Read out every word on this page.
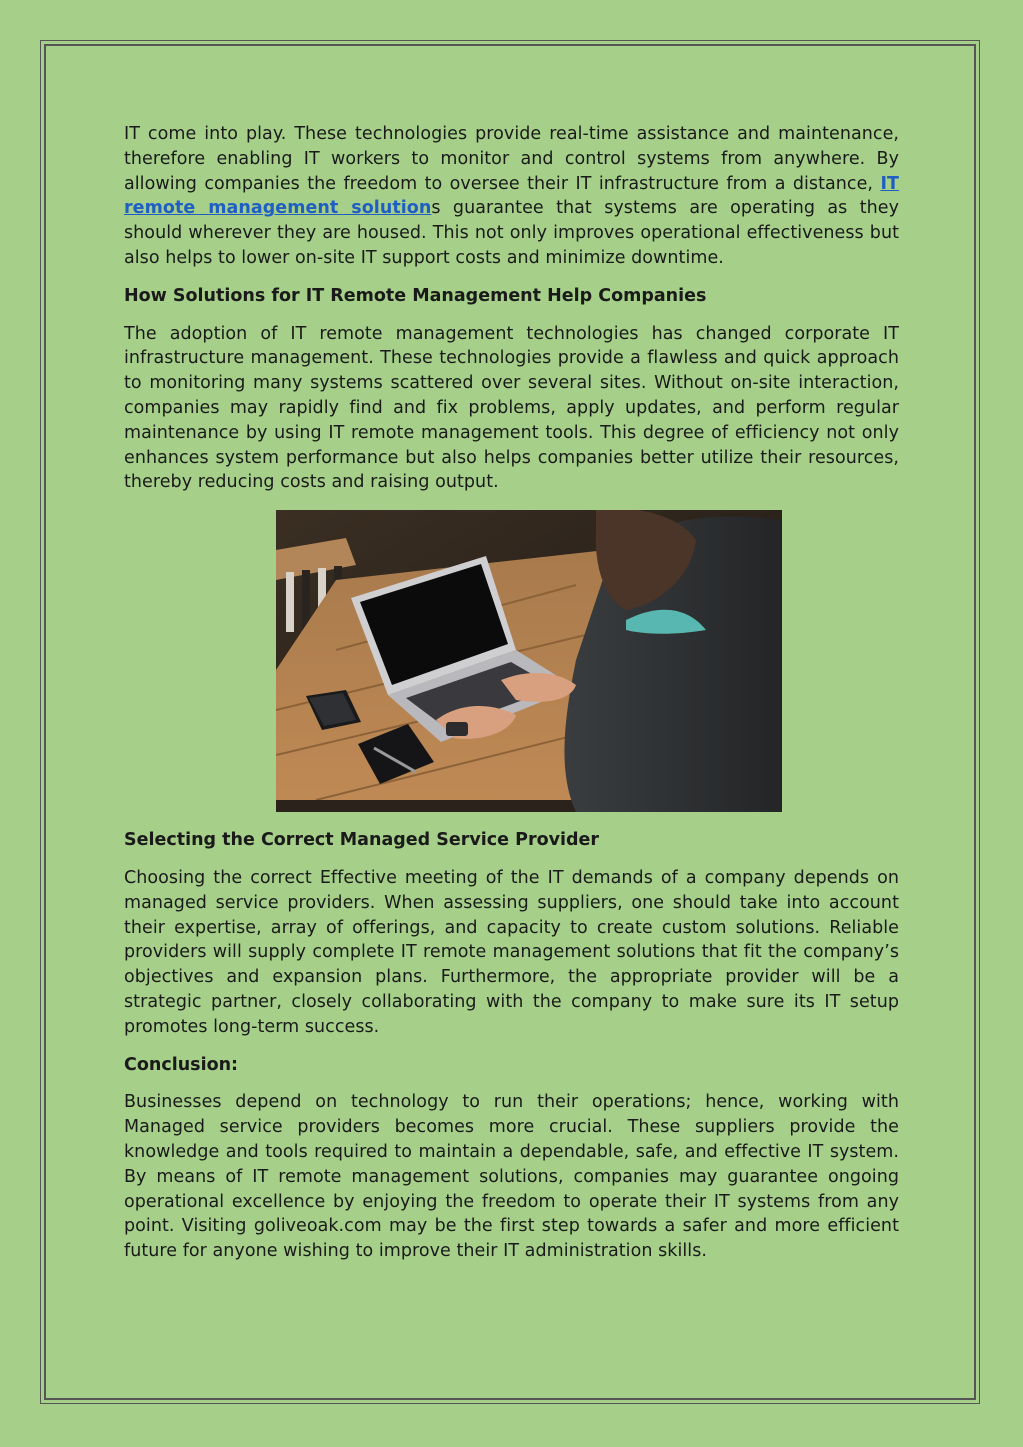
IT come into play. These technologies provide real-time assistance and maintenance, therefore enabling IT workers to monitor and control systems from anywhere. By allowing companies the freedom to oversee their IT infrastructure from a distance, IT remote management solutions guarantee that systems are operating as they should wherever they are housed. This not only improves operational effectiveness but also helps to lower on-site IT support costs and minimize downtime.

How Solutions for IT Remote Management Help Companies

The adoption of IT remote management technologies has changed corporate IT infrastructure management. These technologies provide a flawless and quick approach to monitoring many systems scattered over several sites. Without on-site interaction, companies may rapidly find and fix problems, apply updates, and perform regular maintenance by using IT remote management tools. This degree of efficiency not only enhances system performance but also helps companies better utilize their resources, thereby reducing costs and raising output.

Selecting the Correct Managed Service Provider

Choosing the correct Effective meeting of the IT demands of a company depends on managed service providers. When assessing suppliers, one should take into account their expertise, array of offerings, and capacity to create custom solutions. Reliable providers will supply complete IT remote management solutions that fit the company’s objectives and expansion plans. Furthermore, the appropriate provider will be a strategic partner, closely collaborating with the company to make sure its IT setup promotes long-term success.

Conclusion:

Businesses depend on technology to run their operations; hence, working with Managed service providers becomes more crucial. These suppliers provide the knowledge and tools required to maintain a dependable, safe, and effective IT system. By means of IT remote management solutions, companies may guarantee ongoing operational excellence by enjoying the freedom to operate their IT systems from any point. Visiting goliveoak.com may be the first step towards a safer and more efficient future for anyone wishing to improve their IT administration skills.
